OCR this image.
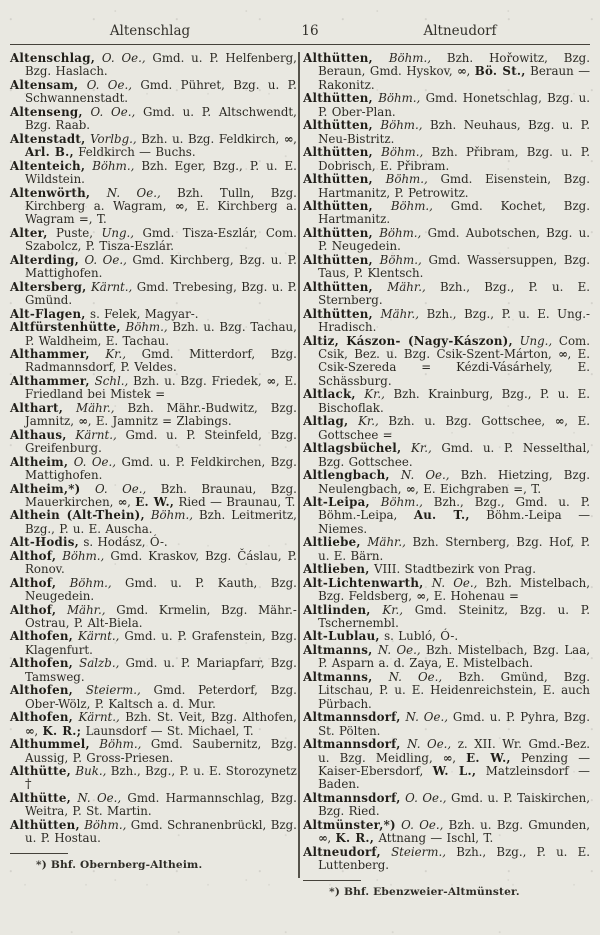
Altenschlag	16	Altneudorf

Altenschlag, O. Oe., Gmd. u. P. Helfenberg, Bzg. Haslach.

Altensam, O. Oe., Gmd. Pühret, Bzg. u. P. Schwannenstadt.

Altenseng, O. Oe., Gmd. u. P. Altschwendt, Bzg. Raab.

Altenstadt, Vorlbg., Bzh. u. Bzg. Feldkirch, ∞, Arl. B., Feldkirch — Buchs.

Altenteich, Böhm., Bzh. Eger, Bzg., P. u. E. Wildstein.

Altenwörth, N. Oe., Bzh. Tulln, Bzg. Kirchberg a. Wagram, ∞, E. Kirchberg a. Wagram =, T.

Alter, Puste, Ung., Gmd. Tisza-Eszlár, Com. Szabolcz, P. Tisza-Eszlár.

Alterding, O. Oe., Gmd. Kirchberg, Bzg. u. P. Mattighofen.

Altersberg, Kärnt., Gmd. Trebesing, Bzg. u. P. Gmünd.

Alt-Flagen, s. Felek, Magyar-.

Altfürstenhütte, Böhm., Bzh. u. Bzg. Tachau, P. Waldheim, E. Tachau.

Althammer, Kr., Gmd. Mitterdorf, Bzg. Radmannsdorf, P. Veldes.

Althammer, Schl., Bzh. u. Bzg. Friedek, ∞, E. Friedland bei Mistek =

Althart, Mähr., Bzh. Mähr.-Budwitz, Bzg. Jamnitz, ∞, E. Jamnitz = Zlabings.

Althaus, Kärnt., Gmd. u. P. Steinfeld, Bzg. Greifenburg.

Altheim, O. Oe., Gmd. u. P. Feldkirchen, Bzg. Mattighofen.

Altheim,*) O. Oe., Bzh. Braunau, Bzg. Mauerkirchen, ∞, E. W., Ried — Braunau, T.

Althein (Alt-Thein), Böhm., Bzh. Leitmeritz, Bzg., P. u. E. Auscha.

Alt-Hodis, s. Hodász, Ó-.

Althof, Böhm., Gmd. Kraskov, Bzg. Čáslau, P. Ronov.

Althof, Böhm., Gmd. u. P. Kauth, Bzg. Neugedein.

Althof, Mähr., Gmd. Krmelin, Bzg. Mähr.-Ostrau, P. Alt-Biela.

Althofen, Kärnt., Gmd. u. P. Grafenstein, Bzg. Klagenfurt.

Althofen, Salzb., Gmd. u. P. Mariapfarr, Bzg. Tamsweg.

Althofen, Steierm., Gmd. Peterdorf, Bzg. Ober-Wölz, P. Kaltsch a. d. Mur.

Althofen, Kärnt., Bzh. St. Veit, Bzg. Althofen, ∞, K. R.; Launsdorf — St. Michael, T.

Althummel, Böhm., Gmd. Saubernitz, Bzg. Aussig, P. Gross-Priesen.

Althütte, Buk., Bzh., Bzg., P. u. E. Storozynetz †

Althütte, N. Oe., Gmd. Harmannschlag, Bzg. Weitra, P. St. Martin.

Althütten, Böhm., Gmd. Schranenbrückl, Bzg. u. P. Hostau.

*) Bhf. Obernberg-Altheim.

Althütten, Böhm., Bzh. Hořowitz, Bzg. Beraun, Gmd. Hyskov, ∞, Bö. St., Beraun — Rakonitz.

Althütten, Böhm., Gmd. Honetschlag, Bzg. u. P. Ober-Plan.

Althütten, Böhm., Bzh. Neuhaus, Bzg. u. P. Neu-Bistritz.

Althütten, Böhm., Bzh. Přibram, Bzg. u. P. Dobrisch, E. Přibram.

Althütten, Böhm., Gmd. Eisenstein, Bzg. Hartmanitz, P. Petrowitz.

Althütten, Böhm., Gmd. Kochet, Bzg. Hartmanitz.

Althütten, Böhm., Gmd. Aubotschen, Bzg. u. P. Neugedein.

Althütten, Böhm., Gmd. Wassersuppen, Bzg. Taus, P. Klentsch.

Althütten, Mähr., Bzh., Bzg., P. u. E. Sternberg.

Althütten, Mähr., Bzh., Bzg., P. u. E. Ung.-Hradisch.

Altiz, Kászon- (Nagy-Kászon), Ung., Com. Csik, Bez. u. Bzg. Csik-Szent-Márton, ∞, E. Csik-Szereda = Kézdi-Vásárhely, E. Schässburg.

Altlack, Kr., Bzh. Krainburg, Bzg., P. u. E. Bischoflak.

Altlag, Kr., Bzh. u. Bzg. Gottschee, ∞, E. Gottschee =

Altlagsbüchel, Kr., Gmd. u. P. Nesselthal, Bzg. Gottschee.

Altlengbach, N. Oe., Bzh. Hietzing, Bzg. Neulengbach, ∞, E. Eichgraben =, T.

Alt-Leipa, Böhm., Bzh., Bzg., Gmd. u. P. Böhm.-Leipa, Au. T., Böhm.-Leipa — Niemes.

Altliebe, Mähr., Bzh. Sternberg, Bzg. Hof, P. u. E. Bärn.

Altlieben, VIII. Stadtbezirk von Prag.

Alt-Lichtenwarth, N. Oe., Bzh. Mistelbach, Bzg. Feldsberg, ∞, E. Hohenau =

Altlinden, Kr., Gmd. Steinitz, Bzg. u. P. Tschernembl.

Alt-Lublau, s. Lubló, Ó-.

Altmanns, N. Oe., Bzh. Mistelbach, Bzg. Laa, P. Asparn a. d. Zaya, E. Mistelbach.

Altmanns, N. Oe., Bzh. Gmünd, Bzg. Litschau, P. u. E. Heidenreichstein, E. auch Pürbach.

Altmannsdorf, N. Oe., Gmd. u. P. Pyhra, Bzg. St. Pölten.

Altmannsdorf, N. Oe., z. XII. Wr. Gmd.-Bez. u. Bzg. Meidling, ∞, E. W., Penzing — Kaiser-Ebersdorf, W. L., Matzleinsdorf — Baden.

Altmannsdorf, O. Oe., Gmd. u. P. Taiskirchen, Bzg. Ried.

Altmünster,*) O. Oe., Bzh. u. Bzg. Gmunden, ∞, K. R., Attnang — Ischl, T.

Altneudorf, Steierm., Bzh., Bzg., P. u. E. Luttenberg.

*) Bhf. Ebenzweier-Altmünster.
